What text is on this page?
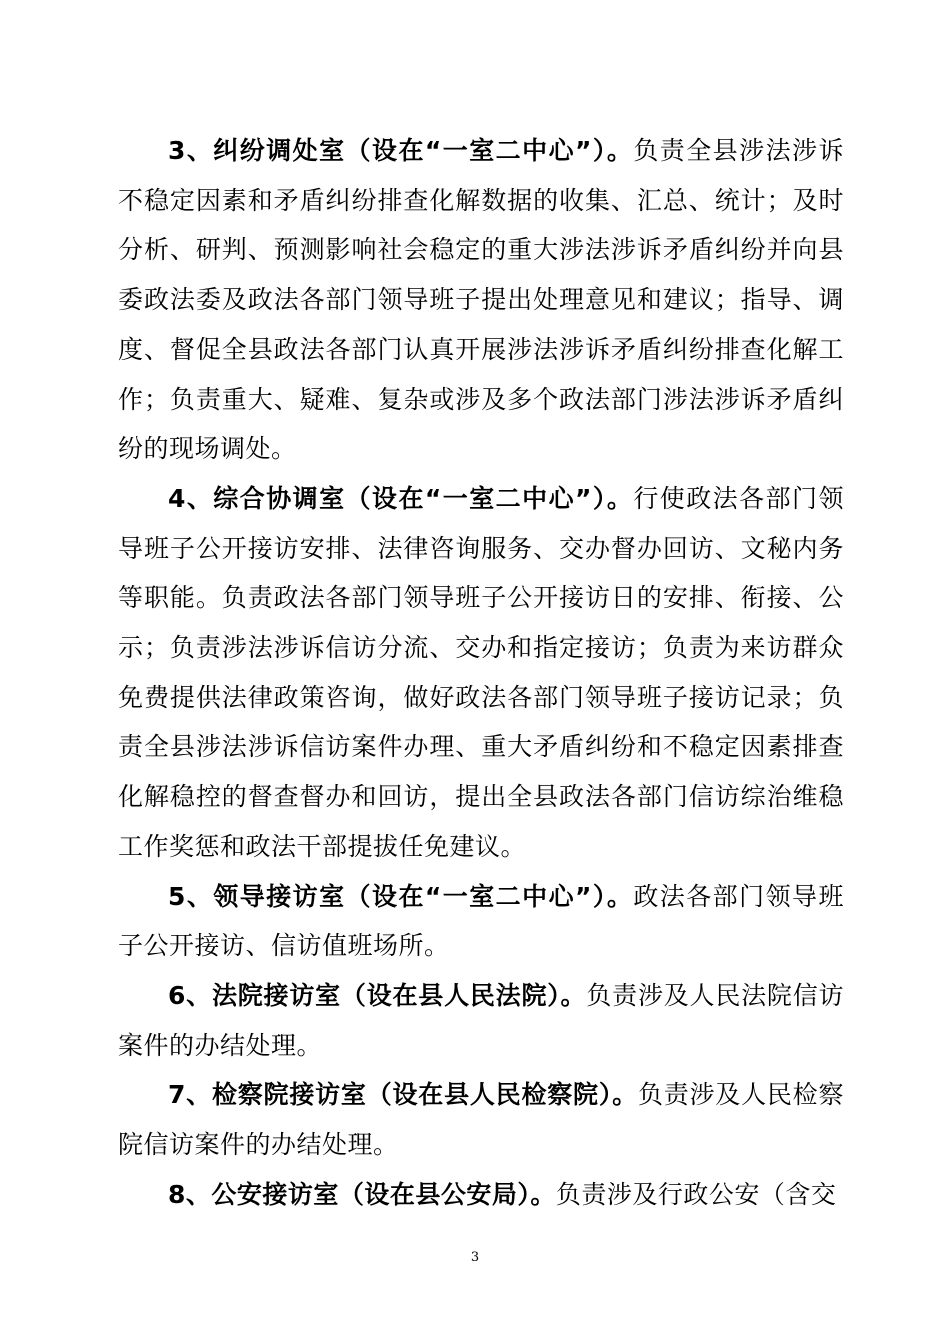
3、纠纷调处室（设在“一室二中心”）。负责全县涉法涉诉不稳定因素和矛盾纠纷排查化解数据的收集、汇总、统计；及时分析、研判、预测影响社会稳定的重大涉法涉诉矛盾纠纷并向县委政法委及政法各部门领导班子提出处理意见和建议；指导、调度、督促全县政法各部门认真开展涉法涉诉矛盾纠纷排查化解工作；负责重大、疑难、复杂或涉及多个政法部门涉法涉诉矛盾纠纷的现场调处。

4、综合协调室（设在“一室二中心”）。行使政法各部门领导班子公开接访安排、法律咨询服务、交办督办回访、文秘内务等职能。负责政法各部门领导班子公开接访日的安排、衔接、公示；负责涉法涉诉信访分流、交办和指定接访；负责为来访群众免费提供法律政策咨询，做好政法各部门领导班子接访记录；负责全县涉法涉诉信访案件办理、重大矛盾纠纷和不稳定因素排查化解稳控的督查督办和回访，提出全县政法各部门信访综治维稳工作奖惩和政法干部提拔任免建议。

5、领导接访室（设在“一室二中心”）。政法各部门领导班子公开接访、信访值班场所。

6、法院接访室（设在县人民法院）。负责涉及人民法院信访案件的办结处理。

7、检察院接访室（设在县人民检察院）。负责涉及人民检察院信访案件的办结处理。

8、公安接访室（设在县公安局）。负责涉及行政公安（含交

3
